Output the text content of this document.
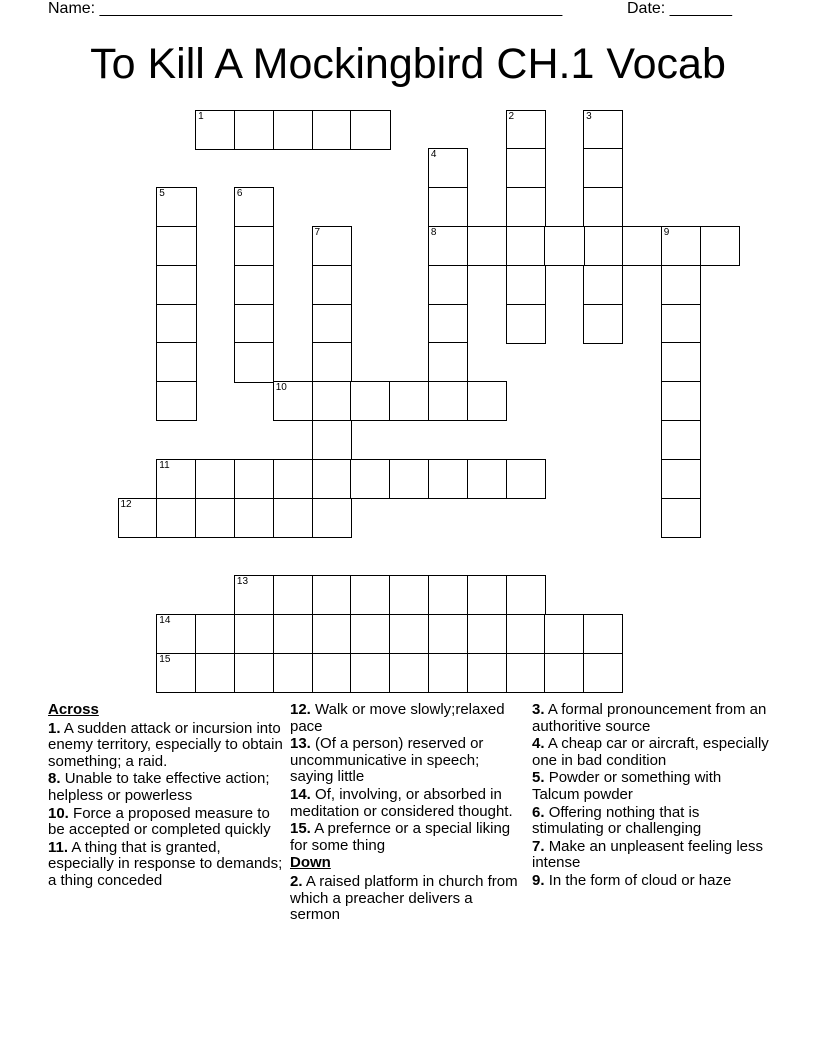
Name: ____________________________________________________	Date: _______
To Kill A Mockingbird CH.1 Vocab
1	2	3
4
8
5	6
7	9
10
11
12
13
14
15
Across
1. A sudden attack or incursion into enemy territory, especially to obtain something; a raid.
8. Unable to take effective action; helpless or powerless
10. Force a proposed measure to be accepted or completed quickly
11. A thing that is granted, especially in response to demands; a thing conceded
12. Walk or move slowly;relaxed pace
13. (Of a person) reserved or uncommunicative in speech; saying little
14. Of, involving, or absorbed in meditation or considered thought.
15. A prefernce or a special liking for some thing
Down
2. A raised platform in church from which a preacher delivers a sermon
3. A formal pronouncement from an authoritive source
4. A cheap car or aircraft, especially one in bad condition
5. Powder or something with Talcum powder
6. Offering nothing that is stimulating or challenging
7. Make an unpleasent feeling less intense
9. In the form of cloud or haze
